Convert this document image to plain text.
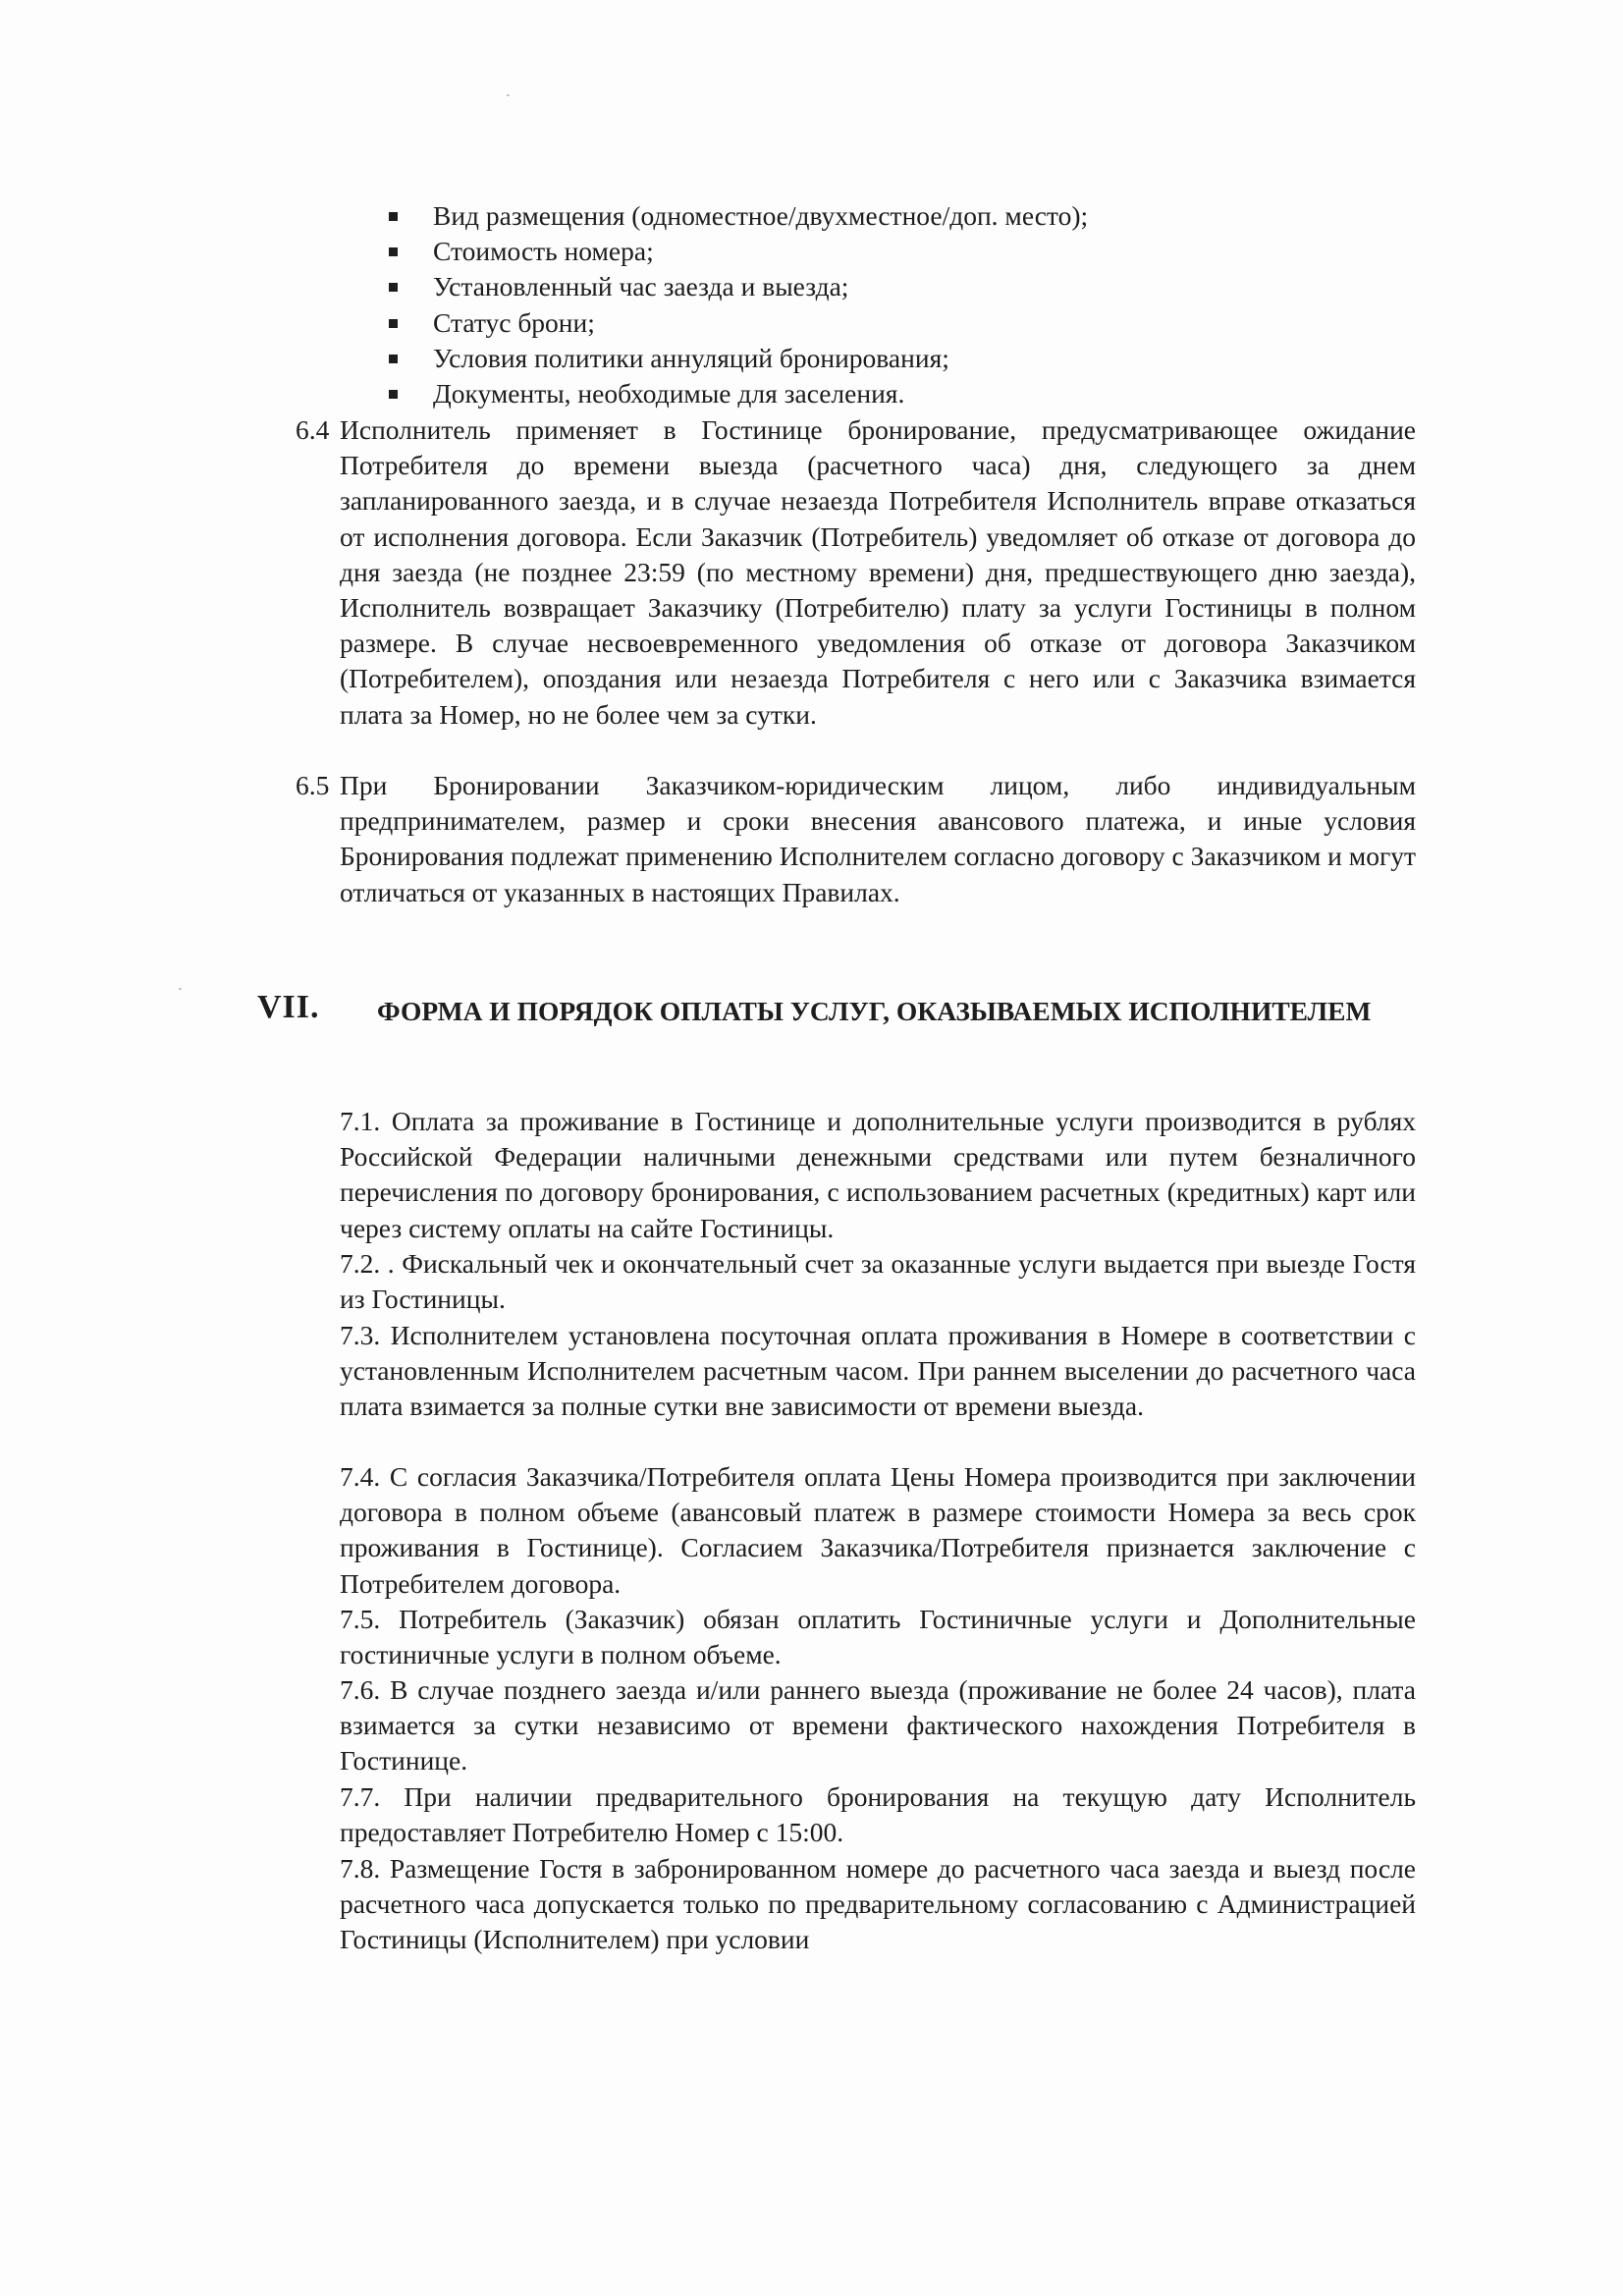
Вид размещения (одноместное/двухместное/доп. место);
Стоимость номера;
Установленный час заезда и выезда;
Статус брони;
Условия политики аннуляций бронирования;
Документы, необходимые для заселения.
6.4 Исполнитель применяет в Гостинице бронирование, предусматривающее ожидание Потребителя до времени выезда (расчетного часа) дня, следующего за днем запланированного заезда, и в случае незаезда Потребителя Исполнитель вправе отказаться от исполнения договора. Если Заказчик (Потребитель) уведомляет об отказе от договора до дня заезда (не позднее 23:59 (по местному времени) дня, предшествующего дню заезда), Исполнитель возвращает Заказчику (Потребителю) плату за услуги Гостиницы в полном размере. В случае несвоевременного уведомления об отказе от договора Заказчиком (Потребителем), опоздания или незаезда Потребителя с него или с Заказчика взимается плата за Номер, но не более чем за сутки.
6.5 При Бронировании Заказчиком-юридическим лицом, либо индивидуальным предпринимателем, размер и сроки внесения авансового платежа, и иные условия Бронирования подлежат применению Исполнителем согласно договору с Заказчиком и могут отличаться от указанных в настоящих Правилах.
VII. ФОРМА И ПОРЯДОК ОПЛАТЫ УСЛУГ, ОКАЗЫВАЕМЫХ ИСПОЛНИТЕЛЕМ
7.1. Оплата за проживание в Гостинице и дополнительные услуги производится в рублях Российской Федерации наличными денежными средствами или путем безналичного перечисления по договору бронирования, с использованием расчетных (кредитных) карт или через систему оплаты на сайте Гостиницы.
7.2. . Фискальный чек и окончательный счет за оказанные услуги выдается при выезде Гостя из Гостиницы.
7.3. Исполнителем установлена посуточная оплата проживания в Номере в соответствии с установленным Исполнителем расчетным часом. При раннем выселении до расчетного часа плата взимается за полные сутки вне зависимости от времени выезда.
7.4. С согласия Заказчика/Потребителя оплата Цены Номера производится при заключении договора в полном объеме (авансовый платеж в размере стоимости Номера за весь срок проживания в Гостинице). Согласием Заказчика/Потребителя признается заключение с Потребителем договора.
7.5. Потребитель (Заказчик) обязан оплатить Гостиничные услуги и Дополнительные гостиничные услуги в полном объеме.
7.6. В случае позднего заезда и/или раннего выезда (проживание не более 24 часов), плата взимается за сутки независимо от времени фактического нахождения Потребителя в Гостинице.
7.7. При наличии предварительного бронирования на текущую дату Исполнитель предоставляет Потребителю Номер с 15:00.
7.8. Размещение Гостя в забронированном номере до расчетного часа заезда и выезд после расчетного часа допускается только по предварительному согласованию с Администрацией Гостиницы (Исполнителем) при условии
